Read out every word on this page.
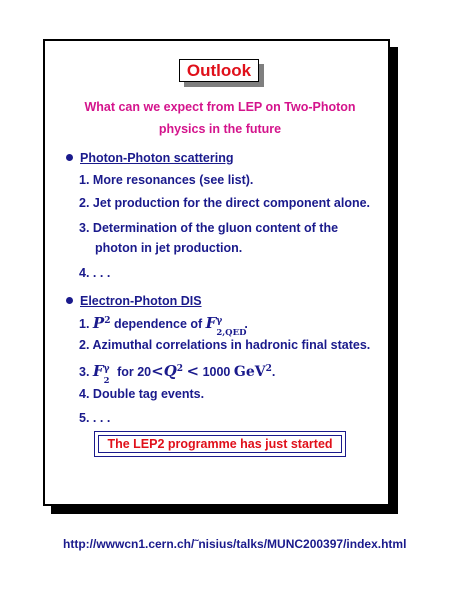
Outlook
What can we expect from LEP on Two-Photon
physics in the future
Photon-Photon scattering
1. More resonances (see list).
2. Jet production for the direct component alone.
3. Determination of the gluon content of the
photon in jet production.
4. . . .
Electron-Photon DIS
1. $P^2$ dependence of F γ
2,QED
.
2. Azimuthal correlations in hadronic final states.
3. F γ
2
for $20<Q^2 < 1000$ GeV$^2$.
4. Double tag events.
5. . . .
The LEP2 programme has just started
http://wwwcn1.cern.ch/˜nisius/talks/MUNC200397/index.html
